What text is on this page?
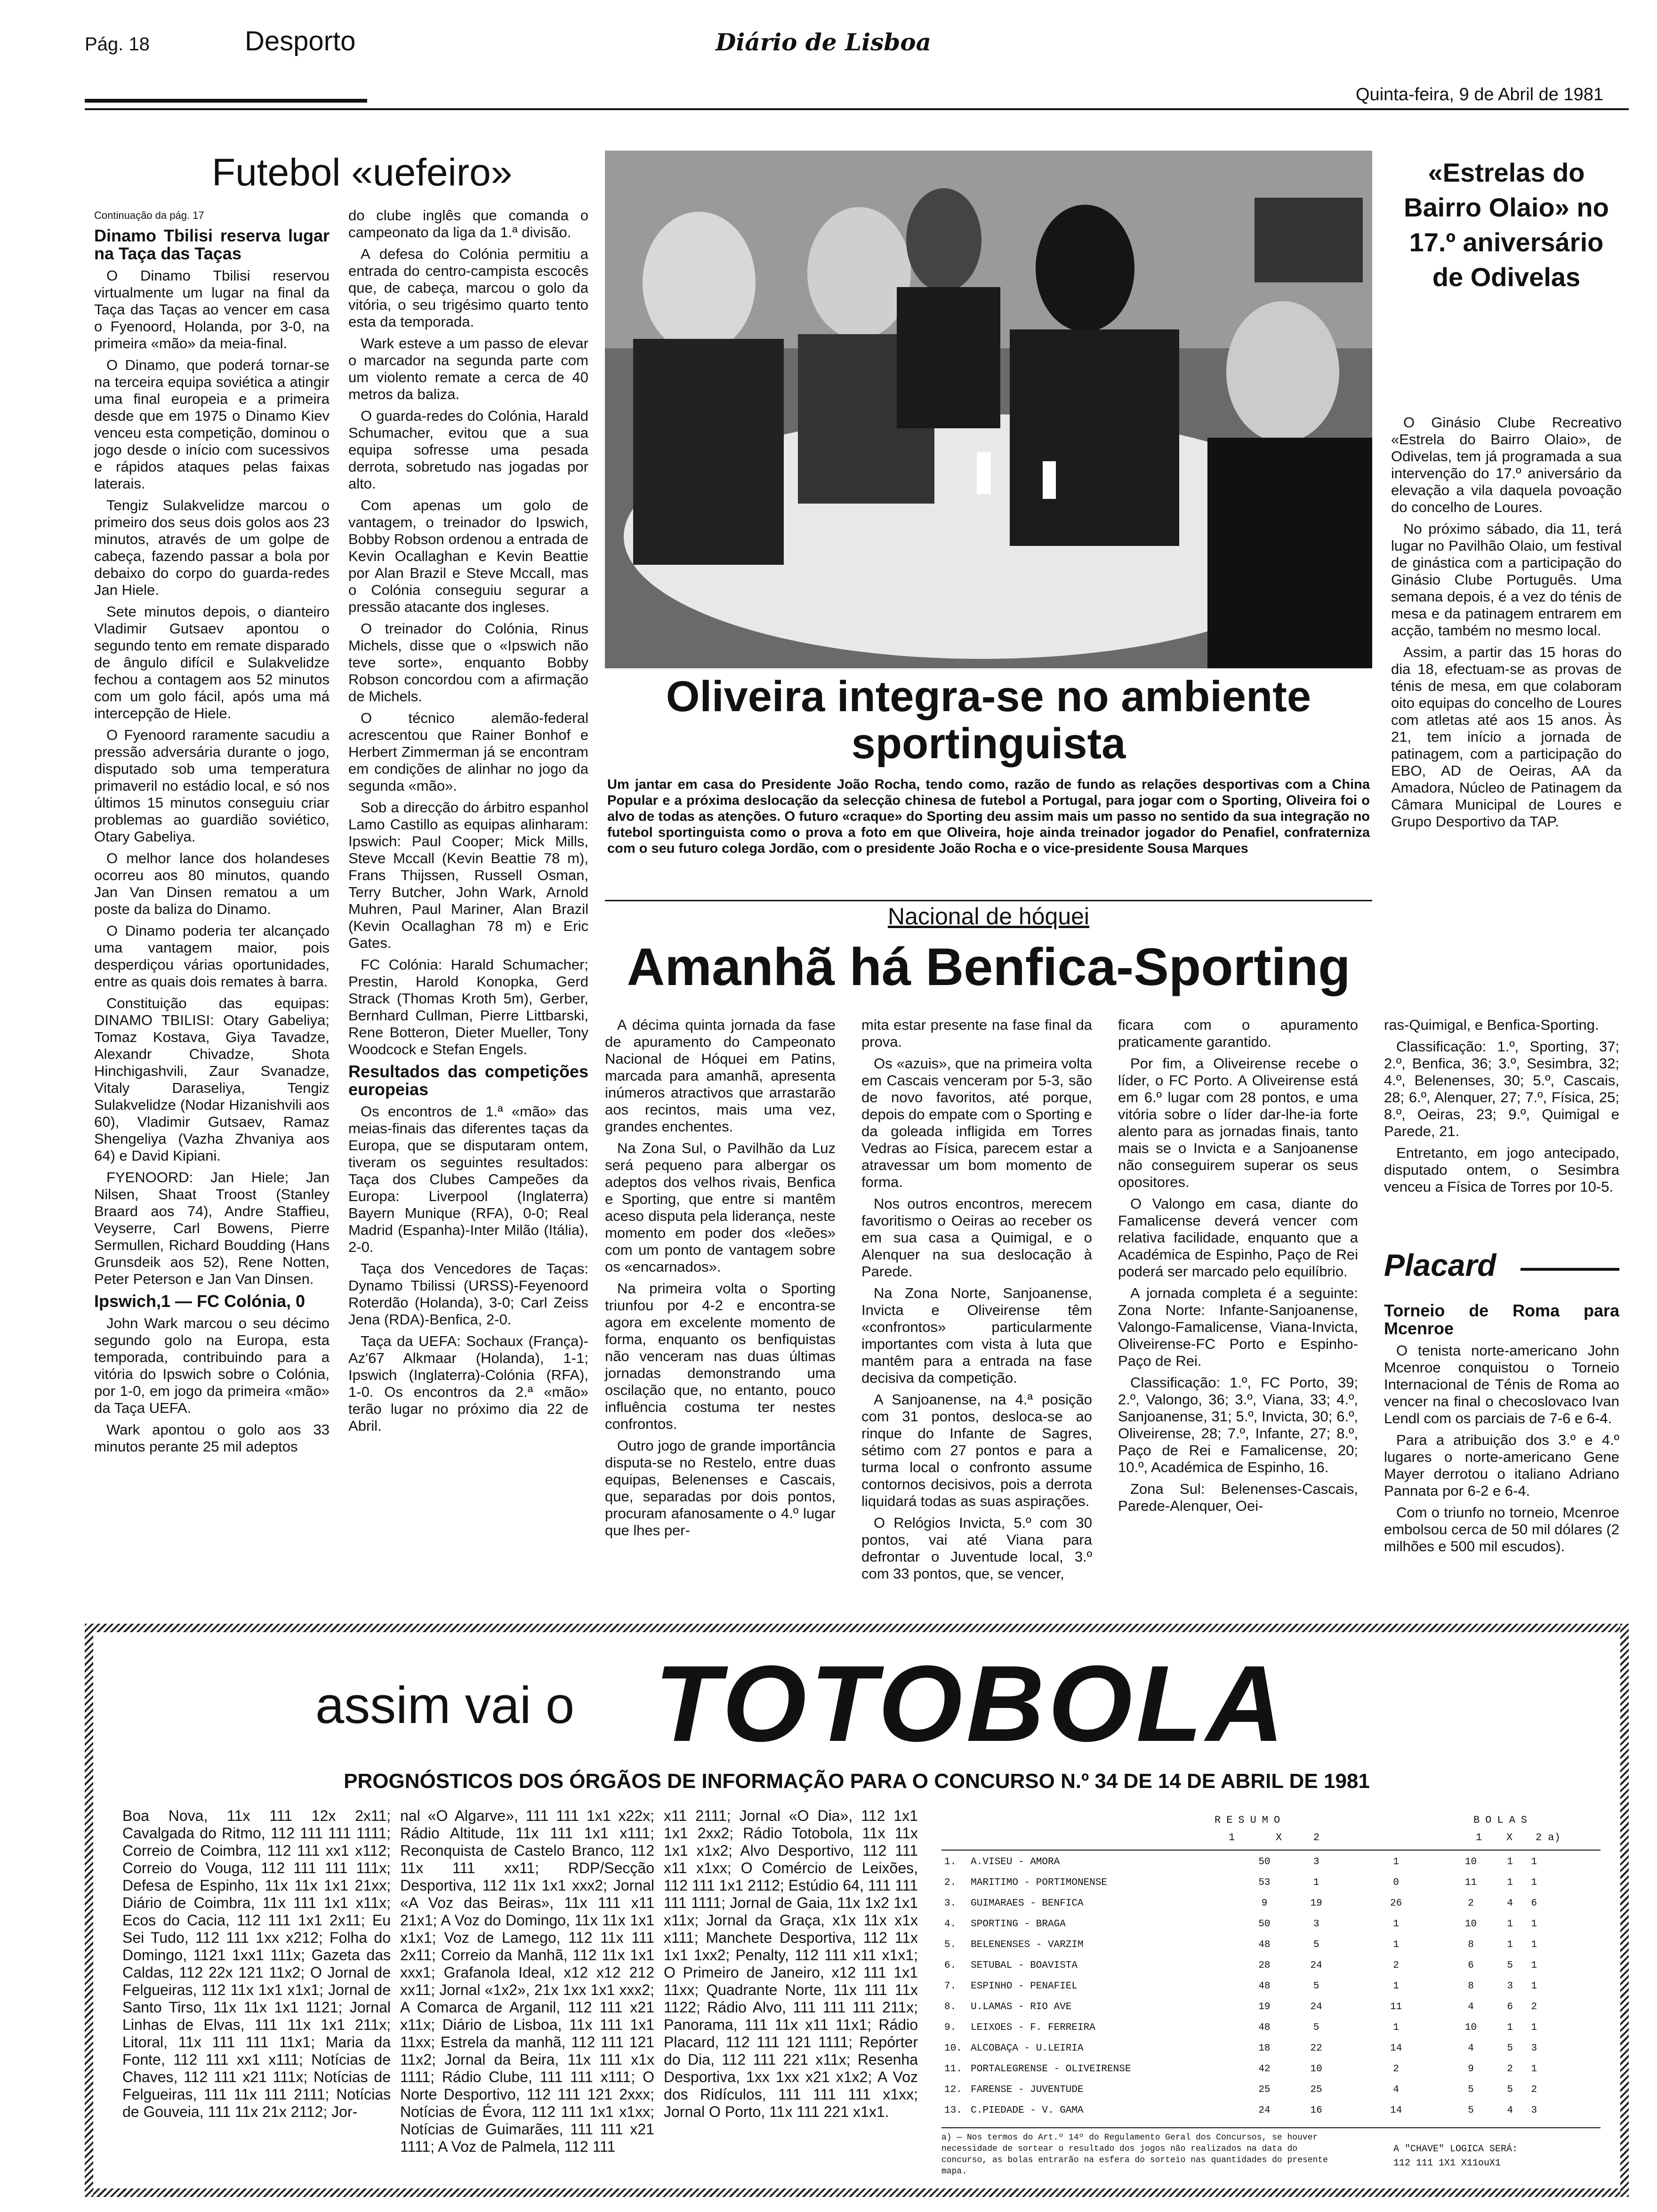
Pág. 18	Desporto	Diário de Lisboa
Quinta-feira, 9 de Abril de 1981
Futebol «uefeiro»
Continuação da pág. 17
Dinamo Tbilisi reserva lugar na Taça das Taças

O Dinamo Tbilisi reservou virtualmente um lugar na final da Taça das Taças ao vencer em casa o Fyenoord, Holanda, por 3-0, na primeira «mão» da meia-final.

O Dinamo, que poderá tornar-se na terceira equipa soviética a atingir uma final europeia e a primeira desde que em 1975 o Dinamo Kiev venceu esta competição, dominou o jogo desde o início com sucessivos e rápidos ataques pelas faixas laterais.

Tengiz Sulakvelidze marcou o primeiro dos seus dois golos aos 23 minutos, através de um golpe de cabeça, fazendo passar a bola por debaixo do corpo do guarda-redes Jan Hiele.

Sete minutos depois, o dianteiro Vladimir Gutsaev apontou o segundo tento em remate disparado de ângulo difícil e Sulakvelidze fechou a contagem aos 52 minutos com um golo fácil, após uma má intercepção de Hiele.

O Fyenoord raramente sacudiu a pressão adversária durante o jogo, disputado sob uma temperatura primaveril no estádio local, e só nos últimos 15 minutos conseguiu criar problemas ao guardião soviético, Otary Gabeliya.

O melhor lance dos holandeses ocorreu aos 80 minutos, quando Jan Van Dinsen rematou a um poste da baliza do Dinamo.

O Dinamo poderia ter alcançado uma vantagem maior, pois desperdiçou várias oportunidades, entre as quais dois remates à barra.

Constituição das equipas: DINAMO TBILISI: Otary Gabeliya; Tomaz Kostava, Giya Tavadze, Alexandr Chivadze, Shota Hinchigashvili, Zaur Svanadze, Vitaly Daraseliya, Tengiz Sulakvelidze (Nodar Hizanishvili aos 60), Vladimir Gutsaev, Ramaz Shengeliya (Vazha Zhvaniya aos 64) e David Kipiani.

FYENOORD: Jan Hiele; Jan Nilsen, Shaat Troost (Stanley Braard aos 74), Andre Staffieu, Veyserre, Carl Bowens, Pierre Sermullen, Richard Boudding (Hans Grunsdeik aos 52), Rene Notten, Peter Peterson e Jan Van Dinsen.

Ipswich,1 — FC Colónia, 0

John Wark marcou o seu décimo segundo golo na Europa, esta temporada, contribuindo para a vitória do Ipswich sobre o Colónia, por 1-0, em jogo da primeira «mão» da Taça UEFA.

Wark apontou o golo aos 33 minutos perante 25 mil adeptos

do clube inglês que comanda o campeonato da liga da 1.ª divisão.

A defesa do Colónia permitiu a entrada do centro-campista escocês que, de cabeça, marcou o golo da vitória, o seu trigésimo quarto tento esta da temporada.

Wark esteve a um passo de elevar o marcador na segunda parte com um violento remate a cerca de 40 metros da baliza.

O guarda-redes do Colónia, Harald Schumacher, evitou que a sua equipa sofresse uma pesada derrota, sobretudo nas jogadas por alto.

Com apenas um golo de vantagem, o treinador do Ipswich, Bobby Robson ordenou a entrada de Kevin Ocallaghan e Kevin Beattie por Alan Brazil e Steve Mccall, mas o Colónia conseguiu segurar a pressão atacante dos ingleses.

O treinador do Colónia, Rinus Michels, disse que o «Ipswich não teve sorte», enquanto Bobby Robson concordou com a afirmação de Michels.

O técnico alemão-federal acrescentou que Rainer Bonhof e Herbert Zimmerman já se encontram em condições de alinhar no jogo da segunda «mão».

Sob a direcção do árbitro espanhol Lamo Castillo as equipas alinharam: Ipswich: Paul Cooper; Mick Mills, Steve Mccall (Kevin Beattie 78 m), Frans Thijssen, Russell Osman, Terry Butcher, John Wark, Arnold Muhren, Paul Mariner, Alan Brazil (Kevin Ocallaghan 78 m) e Eric Gates.

FC Colónia: Harald Schumacher; Prestin, Harold Konopka, Gerd Strack (Thomas Kroth 5m), Gerber, Bernhard Cullman, Pierre Littbarski, Rene Botteron, Dieter Mueller, Tony Woodcock e Stefan Engels.

Resultados das competições europeias

Os encontros de 1.ª «mão» das meias-finais das diferentes taças da Europa, que se disputaram ontem, tiveram os seguintes resultados: Taça dos Clubes Campeões da Europa: Liverpool (Inglaterra) Bayern Munique (RFA), 0-0; Real Madrid (Espanha)-Inter Milão (Itália), 2-0.

Taça dos Vencedores de Taças: Dynamo Tbilissi (URSS)-Feyenoord Roterdão (Holanda), 3-0; Carl Zeiss Jena (RDA)-Benfica, 2-0.

Taça da UEFA: Sochaux (França)-Az'67 Alkmaar (Holanda), 1-1; Ipswich (Inglaterra)-Colónia (RFA), 1-0. Os encontros da 2.ª «mão» terão lugar no próximo dia 22 de Abril.

Oliveira integra-se no ambiente sportinguista
Um jantar em casa do Presidente João Rocha, tendo como, razão de fundo as relações desportivas com a China Popular e a próxima deslocação da selecção chinesa de futebol a Portugal, para jogar com o Sporting, Oliveira foi o alvo de todas as atenções. O futuro «craque» do Sporting deu assim mais um passo no sentido da sua integração no futebol sportinguista como o prova a foto em que Oliveira, hoje ainda treinador jogador do Penafiel, confraterniza com o seu futuro colega Jordão, com o presidente João Rocha e o vice-presidente Sousa Marques
«Estrelas do Bairro Olaio» no 17.º aniversário de Odivelas

O Ginásio Clube Recreativo «Estrela do Bairro Olaio», de Odivelas, tem já programada a sua intervenção do 17.º aniversário da elevação a vila daquela povoação do concelho de Loures.

No próximo sábado, dia 11, terá lugar no Pavilhão Olaio, um festival de ginástica com a participação do Ginásio Clube Português. Uma semana depois, é a vez do ténis de mesa e da patinagem entrarem em acção, também no mesmo local.

Assim, a partir das 15 horas do dia 18, efectuam-se as provas de ténis de mesa, em que colaboram oito equipas do concelho de Loures com atletas até aos 15 anos. Às 21, tem início a jornada de patinagem, com a participação do EBO, AD de Oeiras, AA da Amadora, Núcleo de Patinagem da Câmara Municipal de Loures e Grupo Desportivo da TAP.

Nacional de hóquei
Amanhã há Benfica-Sporting

A décima quinta jornada da fase de apuramento do Campeonato Nacional de Hóquei em Patins, marcada para amanhã, apresenta inúmeros atractivos que arrastarão aos recintos, mais uma vez, grandes enchentes.

Na Zona Sul, o Pavilhão da Luz será pequeno para albergar os adeptos dos velhos rivais, Benfica e Sporting, que entre si mantêm aceso disputa pela liderança, neste momento em poder dos «leões» com um ponto de vantagem sobre os «encarnados».

Na primeira volta o Sporting triunfou por 4-2 e encontra-se agora em excelente momento de forma, enquanto os benfiquistas não venceram nas duas últimas jornadas demonstrando uma oscilação que, no entanto, pouco influência costuma ter nestes confrontos.

Outro jogo de grande importância disputa-se no Restelo, entre duas equipas, Belenenses e Cascais, que, separadas por dois pontos, procuram afanosamente o 4.º lugar que lhes per-

mita estar presente na fase final da prova.

Os «azuis», que na primeira volta em Cascais venceram por 5-3, são de novo favoritos, até porque, depois do empate com o Sporting e da goleada infligida em Torres Vedras ao Física, parecem estar a atravessar um bom momento de forma.

Nos outros encontros, merecem favoritismo o Oeiras ao receber os em sua casa a Quimigal, e o Alenquer na sua deslocação à Parede.

Na Zona Norte, Sanjoanense, Invicta e Oliveirense têm «confrontos» particularmente importantes com vista à luta que mantêm para a entrada na fase decisiva da competição.

A Sanjoanense, na 4.ª posição com 31 pontos, desloca-se ao rinque do Infante de Sagres, sétimo com 27 pontos e para a turma local o confronto assume contornos decisivos, pois a derrota liquidará todas as suas aspirações.

O Relógios Invicta, 5.º com 30 pontos, vai até Viana para defrontar o Juventude local, 3.º com 33 pontos, que, se vencer,

ficara com o apuramento praticamente garantido.

Por fim, a Oliveirense recebe o líder, o FC Porto. A Oliveirense está em 6.º lugar com 28 pontos, e uma vitória sobre o líder dar-lhe-ia forte alento para as jornadas finais, tanto mais se o Invicta e a Sanjoanense não conseguirem superar os seus opositores.

O Valongo em casa, diante do Famalicense deverá vencer com relativa facilidade, enquanto que a Académica de Espinho, Paço de Rei poderá ser marcado pelo equilíbrio.

A jornada completa é a seguinte: Zona Norte: Infante-Sanjoanense, Valongo-Famalicense, Viana-Invicta, Oliveirense-FC Porto e Espinho-Paço de Rei.

Classificação: 1.º, FC Porto, 39; 2.º, Valongo, 36; 3.º, Viana, 33; 4.º, Sanjoanense, 31; 5.º, Invicta, 30; 6.º, Oliveirense, 28; 7.º, Infante, 27; 8.º, Paço de Rei e Famalicense, 20; 10.º, Académica de Espinho, 16.

Zona Sul: Belenenses-Cascais, Parede-Alenquer, Oei-

ras-Quimigal, e Benfica-Sporting.

Classificação: 1.º, Sporting, 37; 2.º, Benfica, 36; 3.º, Sesimbra, 32; 4.º, Belenenses, 30; 5.º, Cascais, 28; 6.º, Alenquer, 27; 7.º, Física, 25; 8.º, Oeiras, 23; 9.º, Quimigal e Parede, 21.

Entretanto, em jogo antecipado, disputado ontem, o Sesimbra venceu a Física de Torres por 10-5.

Placard
Torneio de Roma para Mcenroe

O tenista norte-americano John Mcenroe conquistou o Torneio Internacional de Ténis de Roma ao vencer na final o checoslovaco Ivan Lendl com os parciais de 7-6 e 6-4.

Para a atribuição dos 3.º e 4.º lugares o norte-americano Gene Mayer derrotou o italiano Adriano Pannata por 6-2 e 6-4.

Com o triunfo no torneio, Mcenroe embolsou cerca de 50 mil dólares (2 milhões e 500 mil escudos).

assim vai o TOTOBOLA
PROGNÓSTICOS DOS ÓRGÃOS DE INFORMAÇÃO PARA O CONCURSO N.º 34 DE 14 DE ABRIL DE 1981

Boa Nova, 11x 111 12x 2x11; Cavalgada do Ritmo, 112 111 111 1111; Correio de Coimbra, 112 111 xx1 x112; Correio do Vouga, 112 111 111 111x; Defesa de Espinho, 11x 11x 1x1 21xx; Diário de Coimbra, 11x 111 1x1 x11x; Ecos do Cacia, 112 111 1x1 2x11; Eu Sei Tudo, 112 111 1xx x212; Folha do Domingo, 1121 1xx1 111x; Gazeta das Caldas, 112 22x 121 11x2; O Jornal de Felgueiras, 112 11x 1x1 x1x1; Jornal de Santo Tirso, 11x 11x 1x1 1121; Jornal Linhas de Elvas, 111 11x 1x1 211x; Litoral, 11x 111 111 11x1; Maria da Fonte, 112 111 xx1 x111; Notícias de Chaves, 112 111 x21 111x; Notícias de Felgueiras, 111 11x 111 2111; Notícias de Gouveia, 111 11x 21x 2112; Jor-

nal «O Algarve», 111 111 1x1 x22x; Rádio Altitude, 11x 111 1x1 x111; Reconquista de Castelo Branco, 112 11x 111 xx11; RDP/Secção Desportiva, 112 11x 1x1 xxx2; Jornal «A Voz das Beiras», 11x 111 x11 21x1; A Voz do Domingo, 11x 11x 1x1 x1x1; Voz de Lamego, 112 11x 111 2x11; Correio da Manhã, 112 11x 1x1 xxx1; Grafanola Ideal, x12 x12 212 xx11; Jornal «1x2», 21x 1xx 1x1 xxx2; A Comarca de Arganil, 112 111 x21 x11x; Diário de Lisboa, 11x 111 1x1 11xx; Estrela da manhã, 112 111 121 11x2; Jornal da Beira, 11x 111 x1x 1111; Rádio Clube, 111 111 x111; O Norte Desportivo, 112 111 121 2xxx; Notícias de Évora, 112 111 1x1 x1xx; Notícias de Guimarães, 111 111 x21 1111; A Voz de Palmela, 112 111

x11 2111; Jornal «O Dia», 112 1x1 1x1 2xx2; Rádio Totobola, 11x 11x 1x1 x1x2; Alvo Desportivo, 112 111 x11 x1xx; O Comércio de Leixões, 112 111 1x1 2112; Estúdio 64, 111 111 111 1111; Jornal de Gaia, 11x 1x2 1x1 x11x; Jornal da Graça, x1x 11x x1x x111; Manchete Desportiva, 112 11x 1x1 1xx2; Penalty, 112 111 x11 x1x1; O Primeiro de Janeiro, x12 111 1x1 11xx; Quadrante Norte, 11x 111 11x 1122; Rádio Alvo, 111 111 111 211x; Panorama, 111 11x x11 11x1; Rádio Placard, 112 111 121 1111; Repórter do Dia, 112 111 221 x11x; Resenha Desportiva, 1xx 1xx x21 x1x2; A Voz dos Ridículos, 111 111 111 x1xx; Jornal O Porto, 11x 111 221 x1x1.

RESUMO	BOLAS
1	X	2	1 X 2 a)
1.	A.VISEU - AMORA	50	3	1	10	1	1
2.	MARITIMO - PORTIMONENSE	53	1	0	11	1	1
3.	GUIMARAES - BENFICA	9	19	26	2	4	6
4.	SPORTING - BRAGA	50	3	1	10	1	1
5.	BELENENSES - VARZIM	48	5	1	8	1	1
6.	SETUBAL - BOAVISTA	28	24	2	6	5	1
7.	ESPINHO - PENAFIEL	48	5	1	8	3	1
8.	U.LAMAS - RIO AVE	19	24	11	4	6	2
9.	LEIXOES - F. FERREIRA	48	5	1	10	1	1
10.	ALCOBAÇA - U.LEIRIA	18	22	14	4	5	3
11.	PORTALEGRENSE - OLIVEIRENSE	42	10	2	9	2	1
12.	FARENSE - JUVENTUDE	25	25	4	5	5	2
13.	C.PIEDADE - V. GAMA	24	16	14	5	4	3
a) — Nos termos do Art.º 14º do Regulamento Geral dos Concursos, se houver necessidade de sortear o resultado dos jogos não realizados na data do concurso, as bolas entrarão na esfera do sorteio nas quantidades do presente mapa.
A "CHAVE" LOGICA SERÁ:
112 111 1X1 X11ouX1
